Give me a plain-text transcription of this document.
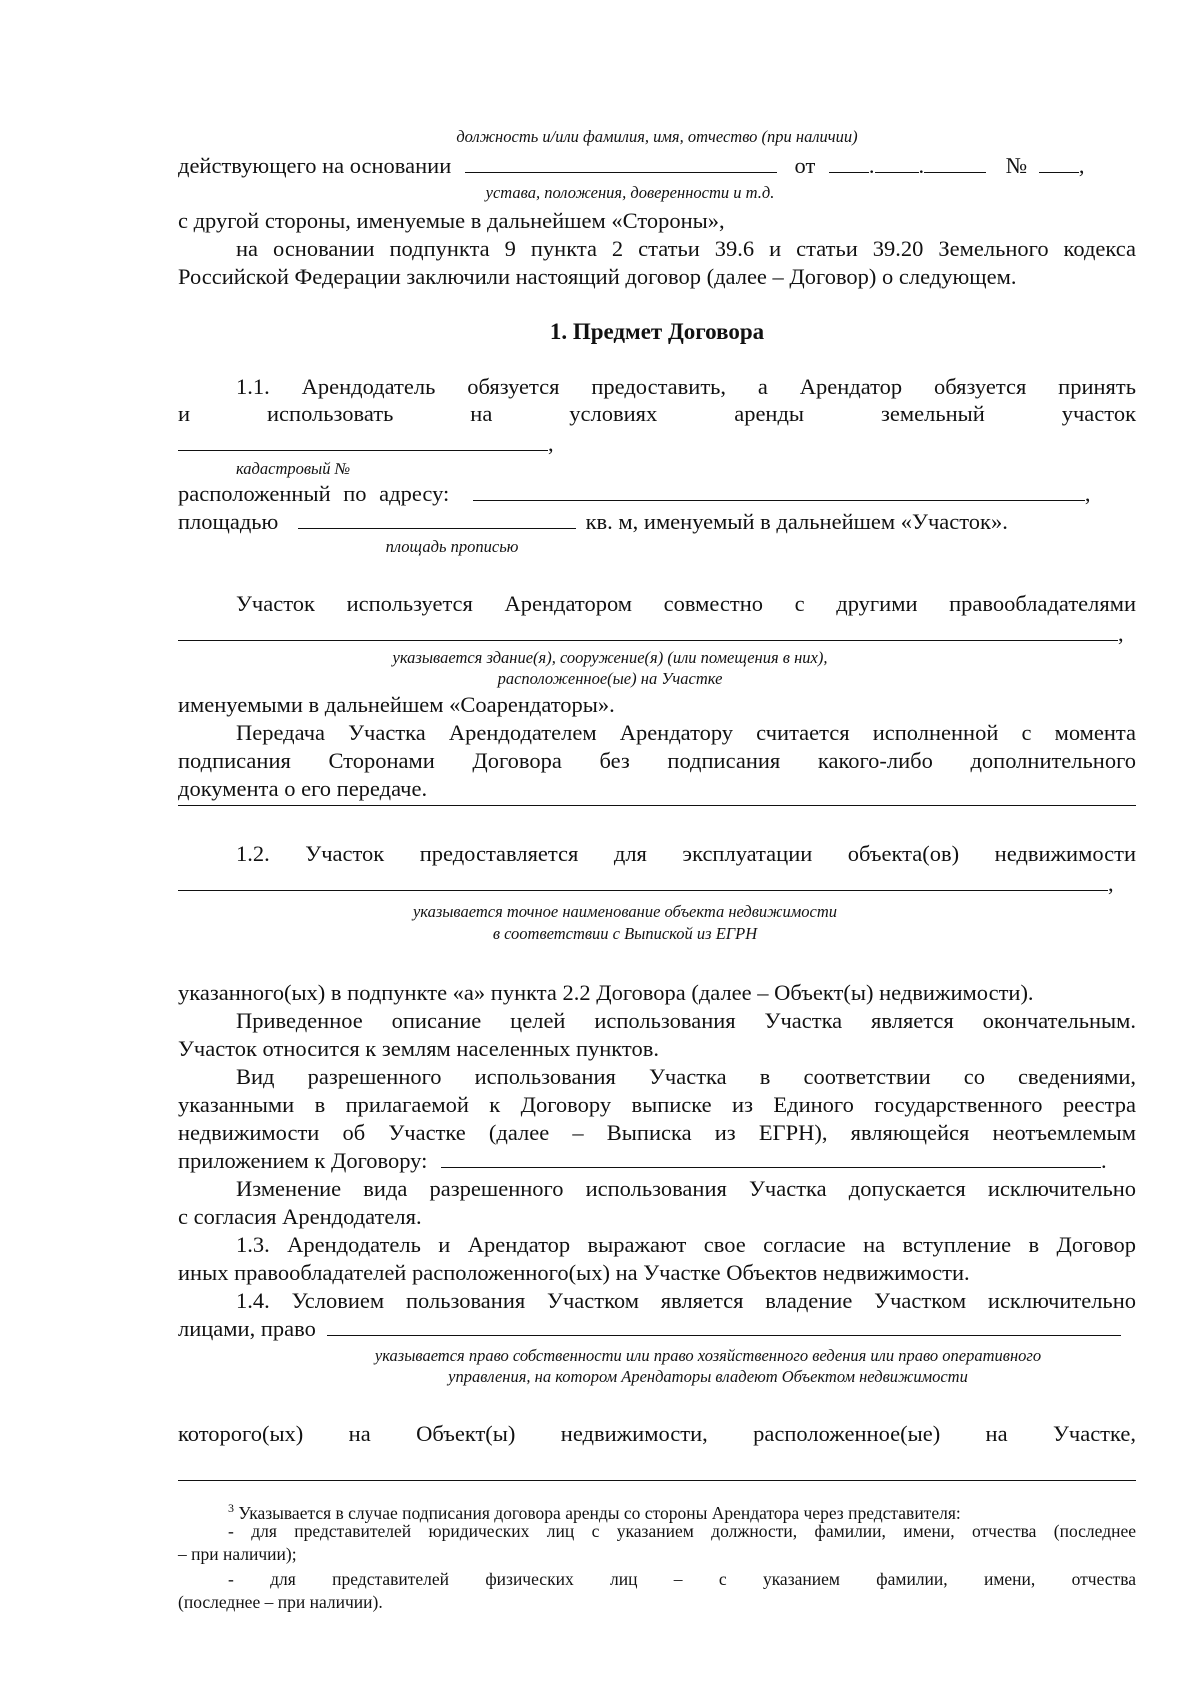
должность и/или фамилия, имя, отчество (при наличии)
действующего на основании	от . .	№ ,
устава, положения, доверенности и т.д.
с другой стороны, именуемые в дальнейшем «Стороны»,
на основании подпункта 9 пункта 2 статьи 39.6 и статьи 39.20 Земельного кодекса
Российской Федерации заключили настоящий договор (далее – Договор) о следующем.
1. Предмет Договора
1.1. Арендодатель обязуется предоставить, а Арендатор обязуется принять
и использовать на условиях аренды земельный участок
,
кадастровый №
расположенный по адресу:	,
площадью	кв. м, именуемый в дальнейшем «Участок».
площадь прописью
Участок используется Арендатором совместно с другими правообладателями
,
указывается здание(я), сооружение(я) (или помещения в них),
расположенное(ые) на Участке
именуемыми в дальнейшем «Соарендаторы».
Передача Участка Арендодателем Арендатору считается исполненной с момента
подписания Сторонами Договора без подписания какого-либо дополнительного
документа о его передаче.
1.2. Участок предоставляется для эксплуатации объекта(ов) недвижимости
,
указывается точное наименование объекта недвижимости
в соответствии с Выпиской из ЕГРН
указанного(ых) в подпункте «а» пункта 2.2 Договора (далее – Объект(ы) недвижимости).
Приведенное описание целей использования Участка является окончательным.
Участок относится к землям населенных пунктов.
Вид разрешенного использования Участка в соответствии со сведениями,
указанными в прилагаемой к Договору выписке из Единого государственного реестра
недвижимости об Участке (далее – Выписка из ЕГРН), являющейся неотъемлемым
приложением к Договору:	.
Изменение вида разрешенного использования Участка допускается исключительно
с согласия Арендодателя.
1.3. Арендодатель и Арендатор выражают свое согласие на вступление в Договор
иных правообладателей расположенного(ых) на Участке Объектов недвижимости.
1.4. Условием пользования Участком является владение Участком исключительно
лицами, право
указывается право собственности или право хозяйственного ведения или право оперативного
управления, на котором Арендаторы владеют Объектом недвижимости
которого(ых) на Объект(ы) недвижимости, расположенное(ые) на Участке,
$^3$ Указывается в случае подписания договора аренды со стороны Арендатора через представителя:
- для представителей юридических лиц с указанием должности, фамилии, имени, отчества (последнее
– при наличии);
- для представителей физических лиц – с указанием фамилии, имени, отчества
(последнее – при наличии).
